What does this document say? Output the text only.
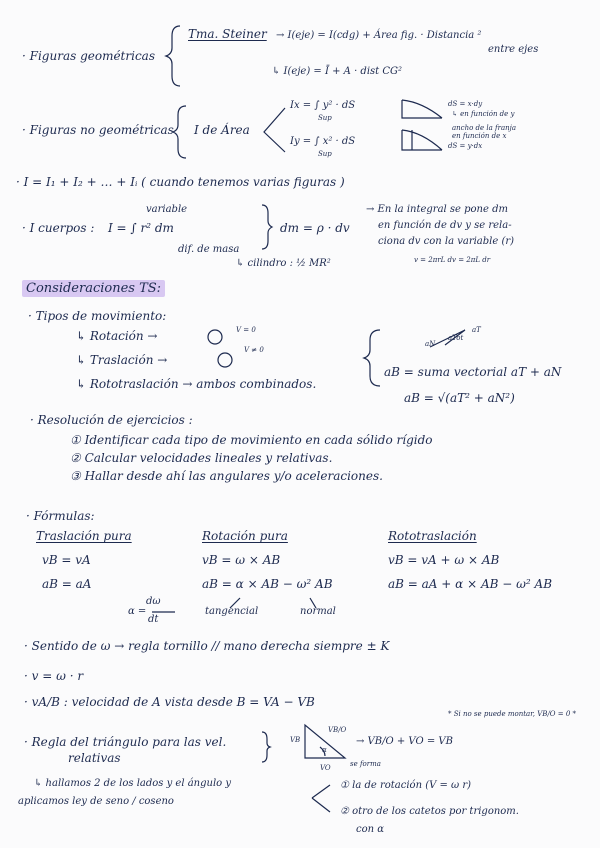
· Figuras geométricas
Tma. Steiner → I(eje) = I(cdg) + Área fig. · Distancia ²
entre ejes
↳ I(eje) = Ī + A · dist CG²
· Figuras no geométricas I de Área
Ix = ∫ y² · dS
Sup
Iy = ∫ x² · dS
Sup
dS = x·dy
↳ en función de y
ancho de la franja
en función de x
dS = y·dx
· I = I₁ + I₂ + … + Iᵢ ( cuando tenemos varias figuras )
· I cuerpos : I = ∫ r² dm
variable
dif. de masa
dm = ρ · dv
↳ cilindro : ½ MR²
→ En la integral se pone dm
en función de dv y se rela-
ciona dv con la variable (r)
v = 2πrL dv = 2πL dr
Consideraciones TS:
· Tipos de movimiento:
↳ Rotación →	V = 0
↳ Traslación →
V ≠ 0
↳ Rototraslación → ambos combinados.
aN
aT
aTot
aB = suma vectorial aT + aN
aB = √(aT² + aN²)
· Resolución de ejercicios :
① Identificar cada tipo de movimiento en cada sólido rígido
② Calcular velocidades lineales y relativas.
③ Hallar desde ahí las angulares y/o aceleraciones.
· Fórmulas:
Traslación pura
vB = vA
aB = aA
Rotación pura
vB = ω × AB
aB = α × AB − ω² AB
Rototraslación
vB = vA + ω × AB
aB = aA + α × AB − ω² AB
α =
dω
dt
tangencial	normal
· Sentido de ω → regla tornillo // mano derecha siempre ± K
· v = ω · r
· vA/B : velocidad de A vista desde B = VA − VB
· Regla del triángulo para las vel.
relativas
VB
VB/O
VO
α
→ VB/O + VO = VB
se forma
* Si no se puede montar, VB/O = 0 *
↳ hallamos 2 de los lados y el ángulo y
aplicamos ley de seno / coseno
① la de rotación (V = ω r)
② otro de los catetos por trigonom.
con α
